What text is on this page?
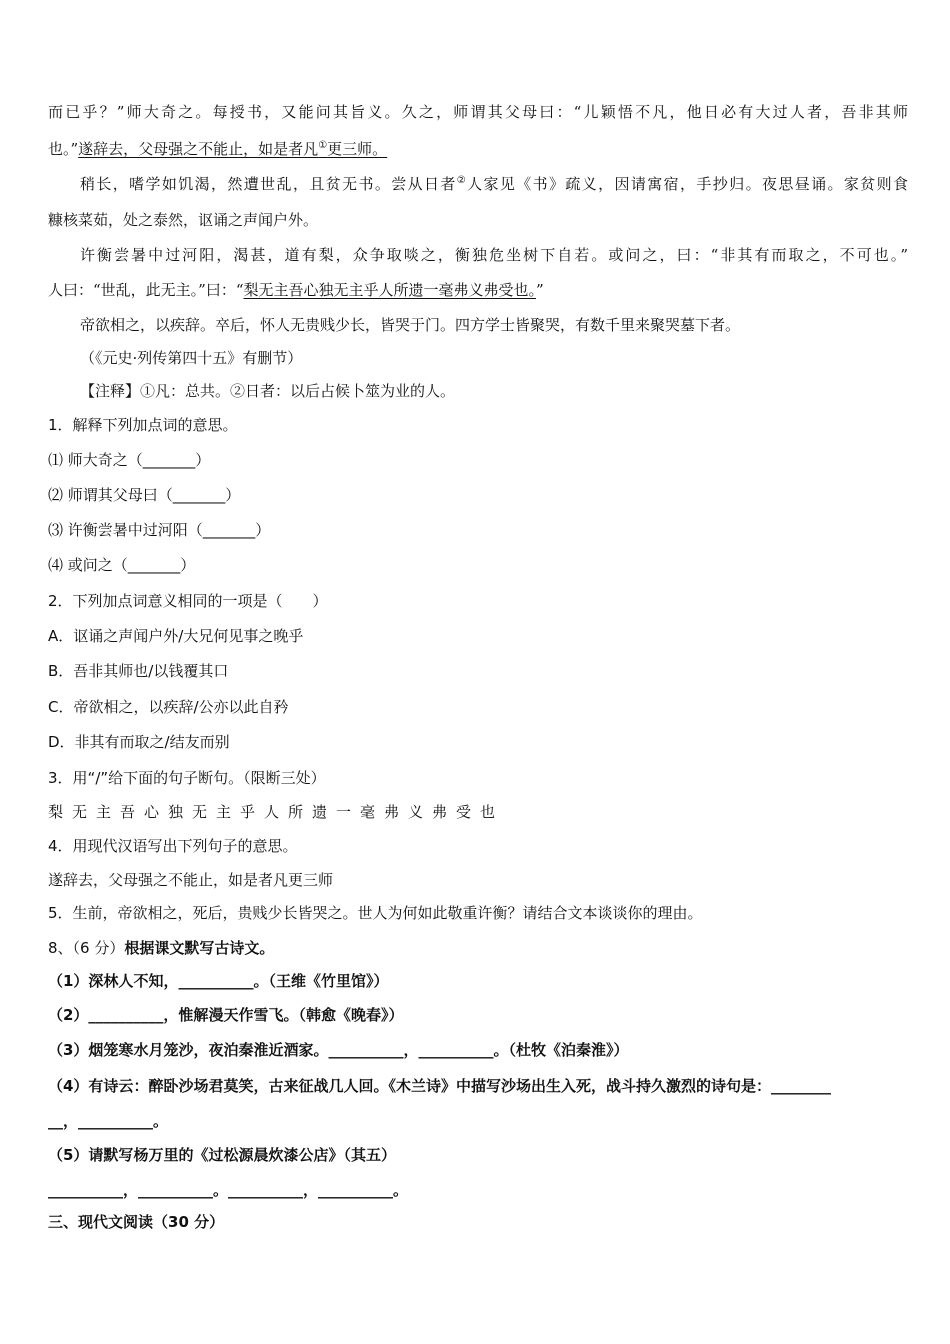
而已乎？”师大奇之。每授书，又能问其旨义。久之，师谓其父母曰：“儿颖悟不凡，他日必有大过人者，吾非其师
也。”遂辞去，父母强之不能止，如是者凡①更三师。
稍长，嗜学如饥渴，然遭世乱，且贫无书。尝从日者②人家见《书》疏义，因请寓宿，手抄归。夜思昼诵。家贫则食
糠核菜茹，处之泰然，讴诵之声闻户外。
许衡尝暑中过河阳，渴甚，道有梨，众争取啖之，衡独危坐树下自若。或问之，曰：“非其有而取之，不可也。”
人曰：“世乱，此无主。”曰：“梨无主吾心独无主乎人所遗一毫弗义弗受也。”
帝欲相之，以疾辞。卒后，怀人无贵贱少长，皆哭于门。四方学士皆聚哭，有数千里来聚哭墓下者。
（《元史·列传第四十五》有删节）
【注释】①凡：总共。②日者：以后占候卜筮为业的人。
1．解释下列加点词的意思。
⑴ 师大奇之（_______）
⑵ 师谓其父母曰（_______）
⑶ 许衡尝暑中过河阳（_______）
⑷ 或问之（_______）
2．下列加点词意义相同的一项是（　　）
A．讴诵之声闻户外/大兄何见事之晚乎
B．吾非其师也/以钱覆其口
C．帝欲相之，以疾辞/公亦以此自矜
D．非其有而取之/结友而别
3．用“/”给下面的句子断句。（限断三处）
梨无主吾心独无主乎人所遗一毫弗义弗受也
4．用现代汉语写出下列句子的意思。
遂辞去，父母强之不能止，如是者凡更三师
5．生前，帝欲相之，死后，贵贱少长皆哭之。世人为何如此敬重许衡？请结合文本谈谈你的理由。
8、（6 分）根据课文默写古诗文。
（1）深林人不知，__________。（王维《竹里馆》）
（2）__________，惟解漫天作雪飞。（韩愈《晚春》）
（3）烟笼寒水月笼沙，夜泊秦淮近酒家。__________，__________。（杜牧《泊秦淮》）
（4）有诗云：醉卧沙场君莫笑，古来征战几人回。《木兰诗》中描写沙场出生入死，战斗持久激烈的诗句是：________
__，__________。
（5）请默写杨万里的《过松源晨炊漆公店》（其五）
__________，__________。__________，__________。
三、现代文阅读（30 分）
